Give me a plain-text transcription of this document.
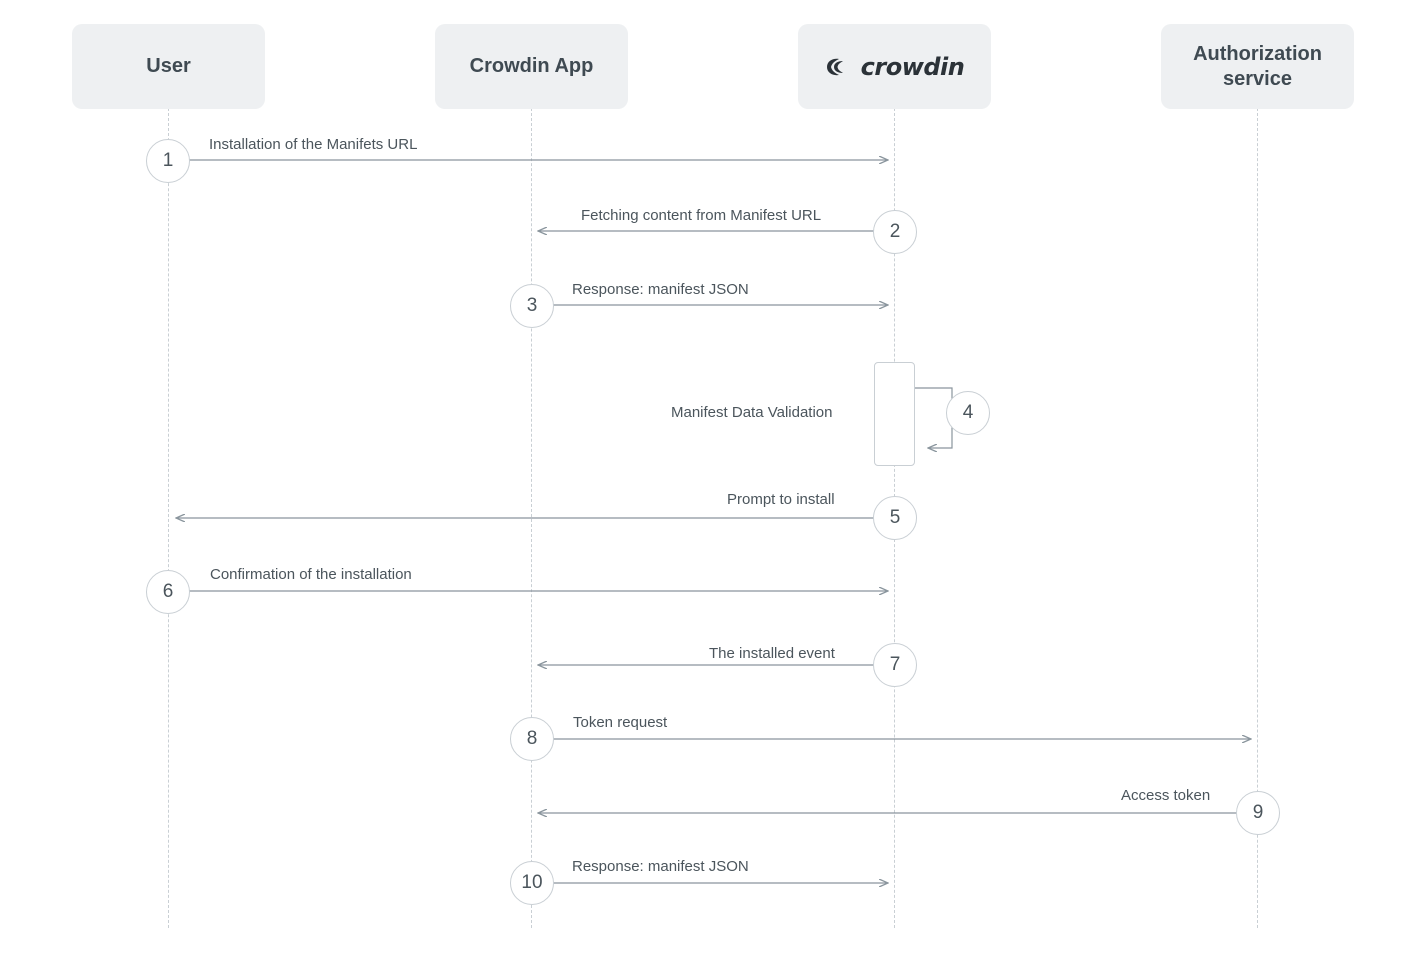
User	Crowdin App	crowdin	Authorization
service
Installation of the Manifets URL
Fetching content from Manifest URL
Response: manifest JSON
Manifest Data Validation
Prompt to install
Confirmation of the installation
The installed event
Token request
Access token
Response: manifest JSON
1
2
3
4
5
6
7
8
9
10
